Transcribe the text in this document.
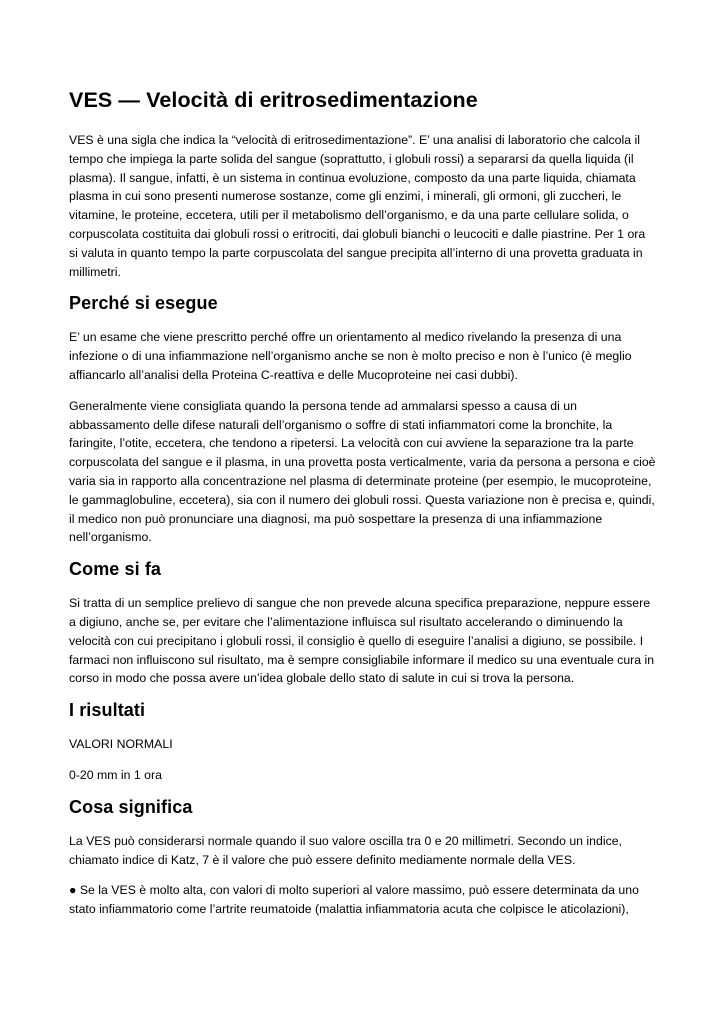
VES — Velocità di eritrosedimentazione

VES è una sigla che indica la “velocità di eritrosedimentazione”. E’ una analisi di laboratorio che calcola il tempo che impiega la parte solida del sangue (soprattutto, i globuli rossi) a separarsi da quella liquida (il plasma). Il sangue, infatti, è un sistema in continua evoluzione, composto da una parte liquida, chiamata plasma in cui sono presenti numerose sostanze, come gli enzimi, i minerali, gli ormoni, gli zuccheri, le vitamine, le proteine, eccetera, utili per il metabolismo dell’organismo, e da una parte cellulare solida, o corpuscolata costituita dai globuli rossi o eritrociti, dai globuli bianchi o leucociti e dalle piastrine. Per 1 ora si valuta in quanto tempo la parte corpuscolata del sangue precipita all’interno di una provetta graduata in millimetri.

Perché si esegue

E’ un esame che viene prescritto perché offre un orientamento al medico rivelando la presenza di una infezione o di una infiammazione nell’organismo anche se non è molto preciso e non è l’unico (è meglio affiancarlo all’analisi della Proteina C-reattiva e delle Mucoproteine nei casi dubbi).

Generalmente viene consigliata quando la persona tende ad ammalarsi spesso a causa di un abbassamento delle difese naturali dell’organismo o soffre di stati infiammatori come la bronchite, la faringite, l’otite, eccetera, che tendono a ripetersi. La velocità con cui avviene la separazione tra la parte corpuscolata del sangue e il plasma, in una provetta posta verticalmente, varia da persona a persona e cioè varia sia in rapporto alla concentrazione nel plasma di determinate proteine (per esempio, le mucoproteine, le gammaglobuline, eccetera), sia con il numero dei globuli rossi. Questa variazione non è precisa e, quindi, il medico non può pronunciare una diagnosi, ma può sospettare la presenza di una infiammazione nell’organismo.

Come si fa

Si tratta di un semplice prelievo di sangue che non prevede alcuna specifica preparazione, neppure essere a digiuno, anche se, per evitare che l’alimentazione influisca sul risultato accelerando o diminuendo la velocità con cui precipitano i globuli rossi, il consiglio è quello di eseguire l’analisi a digiuno, se possibile. I farmaci non influiscono sul risultato, ma è sempre consigliabile informare il medico su una eventuale cura in corso in modo che possa avere un’idea globale dello stato di salute in cui si trova la persona.

I risultati

VALORI NORMALI

0-20 mm in 1 ora

Cosa significa

La VES può considerarsi normale quando il suo valore oscilla tra 0 e 20 millimetri. Secondo un indice, chiamato indice di Katz, 7 è il valore che può essere definito mediamente normale della VES.

● Se la VES è molto alta, con valori di molto superiori al valore massimo, può essere determinata da uno stato infiammatorio come l’artrite reumatoide (malattia infiammatoria acuta che colpisce le aticolazioni),
